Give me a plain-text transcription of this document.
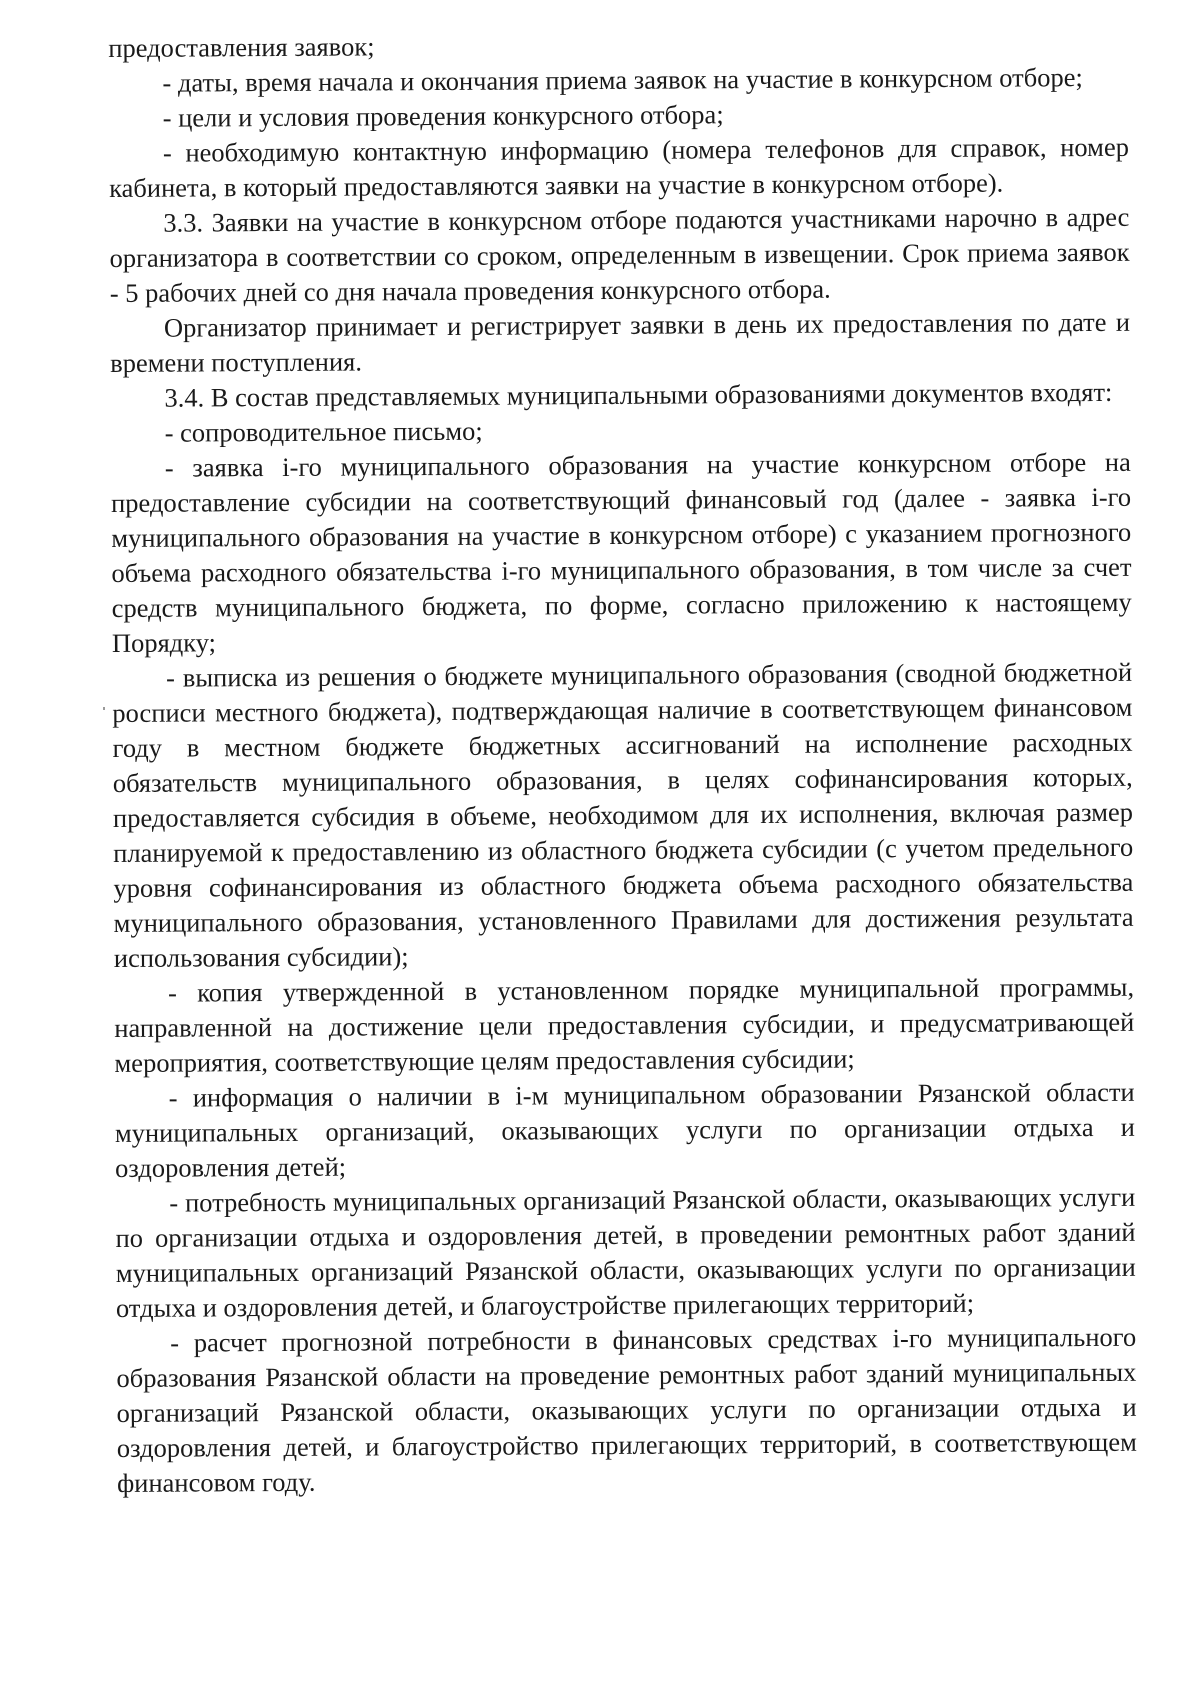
предоставления заявок;

- даты, время начала и окончания приема заявок на участие в конкурсном отборе;

- цели и условия проведения конкурсного отбора;

- необходимую контактную информацию (номера телефонов для справок, номер кабинета, в который предоставляются заявки на участие в конкурсном отборе).

3.3. Заявки на участие в конкурсном отборе подаются участниками нарочно в адрес организатора в соответствии со сроком, определенным в извещении. Срок приема заявок - 5 рабочих дней со дня начала проведения конкурсного отбора.

Организатор принимает и регистрирует заявки в день их предоставления по дате и времени поступления.

3.4. В состав представляемых муниципальными образованиями документов входят:

- сопроводительное письмо;

- заявка i-го муниципального образования на участие конкурсном отборе на предоставление субсидии на соответствующий финансовый год (далее - заявка i-го муниципального образования на участие в конкурсном отборе) с указанием прогнозного объема расходного обязательства i-го муниципального образования, в том числе за счет средств муниципального бюджета, по форме, согласно приложению к настоящему Порядку;

- выписка из решения о бюджете муниципального образования (сводной бюджетной росписи местного бюджета), подтверждающая наличие в соответствующем финансовом году в местном бюджете бюджетных ассигнований на исполнение расходных обязательств муниципального образования, в целях софинансирования которых, предоставляется субсидия в объеме, необходимом для их исполнения, включая размер планируемой к предоставлению из областного бюджета субсидии (с учетом предельного уровня софинансирования из областного бюджета объема расходного обязательства муниципального образования, установленного Правилами для достижения результата использования субсидии);

- копия утвержденной в установленном порядке муниципальной программы, направленной на достижение цели предоставления субсидии, и предусматривающей мероприятия, соответствующие целям предоставления субсидии;

- информация о наличии в i-м муниципальном образовании Рязанской области муниципальных организаций, оказывающих услуги по организации отдыха и оздоровления детей;

- потребность муниципальных организаций Рязанской области, оказывающих услуги по организации отдыха и оздоровления детей, в проведении ремонтных работ зданий муниципальных организаций Рязанской области, оказывающих услуги по организации отдыха и оздоровления детей, и благоустройстве прилегающих территорий;

- расчет прогнозной потребности в финансовых средствах i-го муниципального образования Рязанской области на проведение ремонтных работ зданий муниципальных организаций Рязанской области, оказывающих услуги по организации отдыха и оздоровления детей, и благоустройство прилегающих территорий, в соответствующем финансовом году.
